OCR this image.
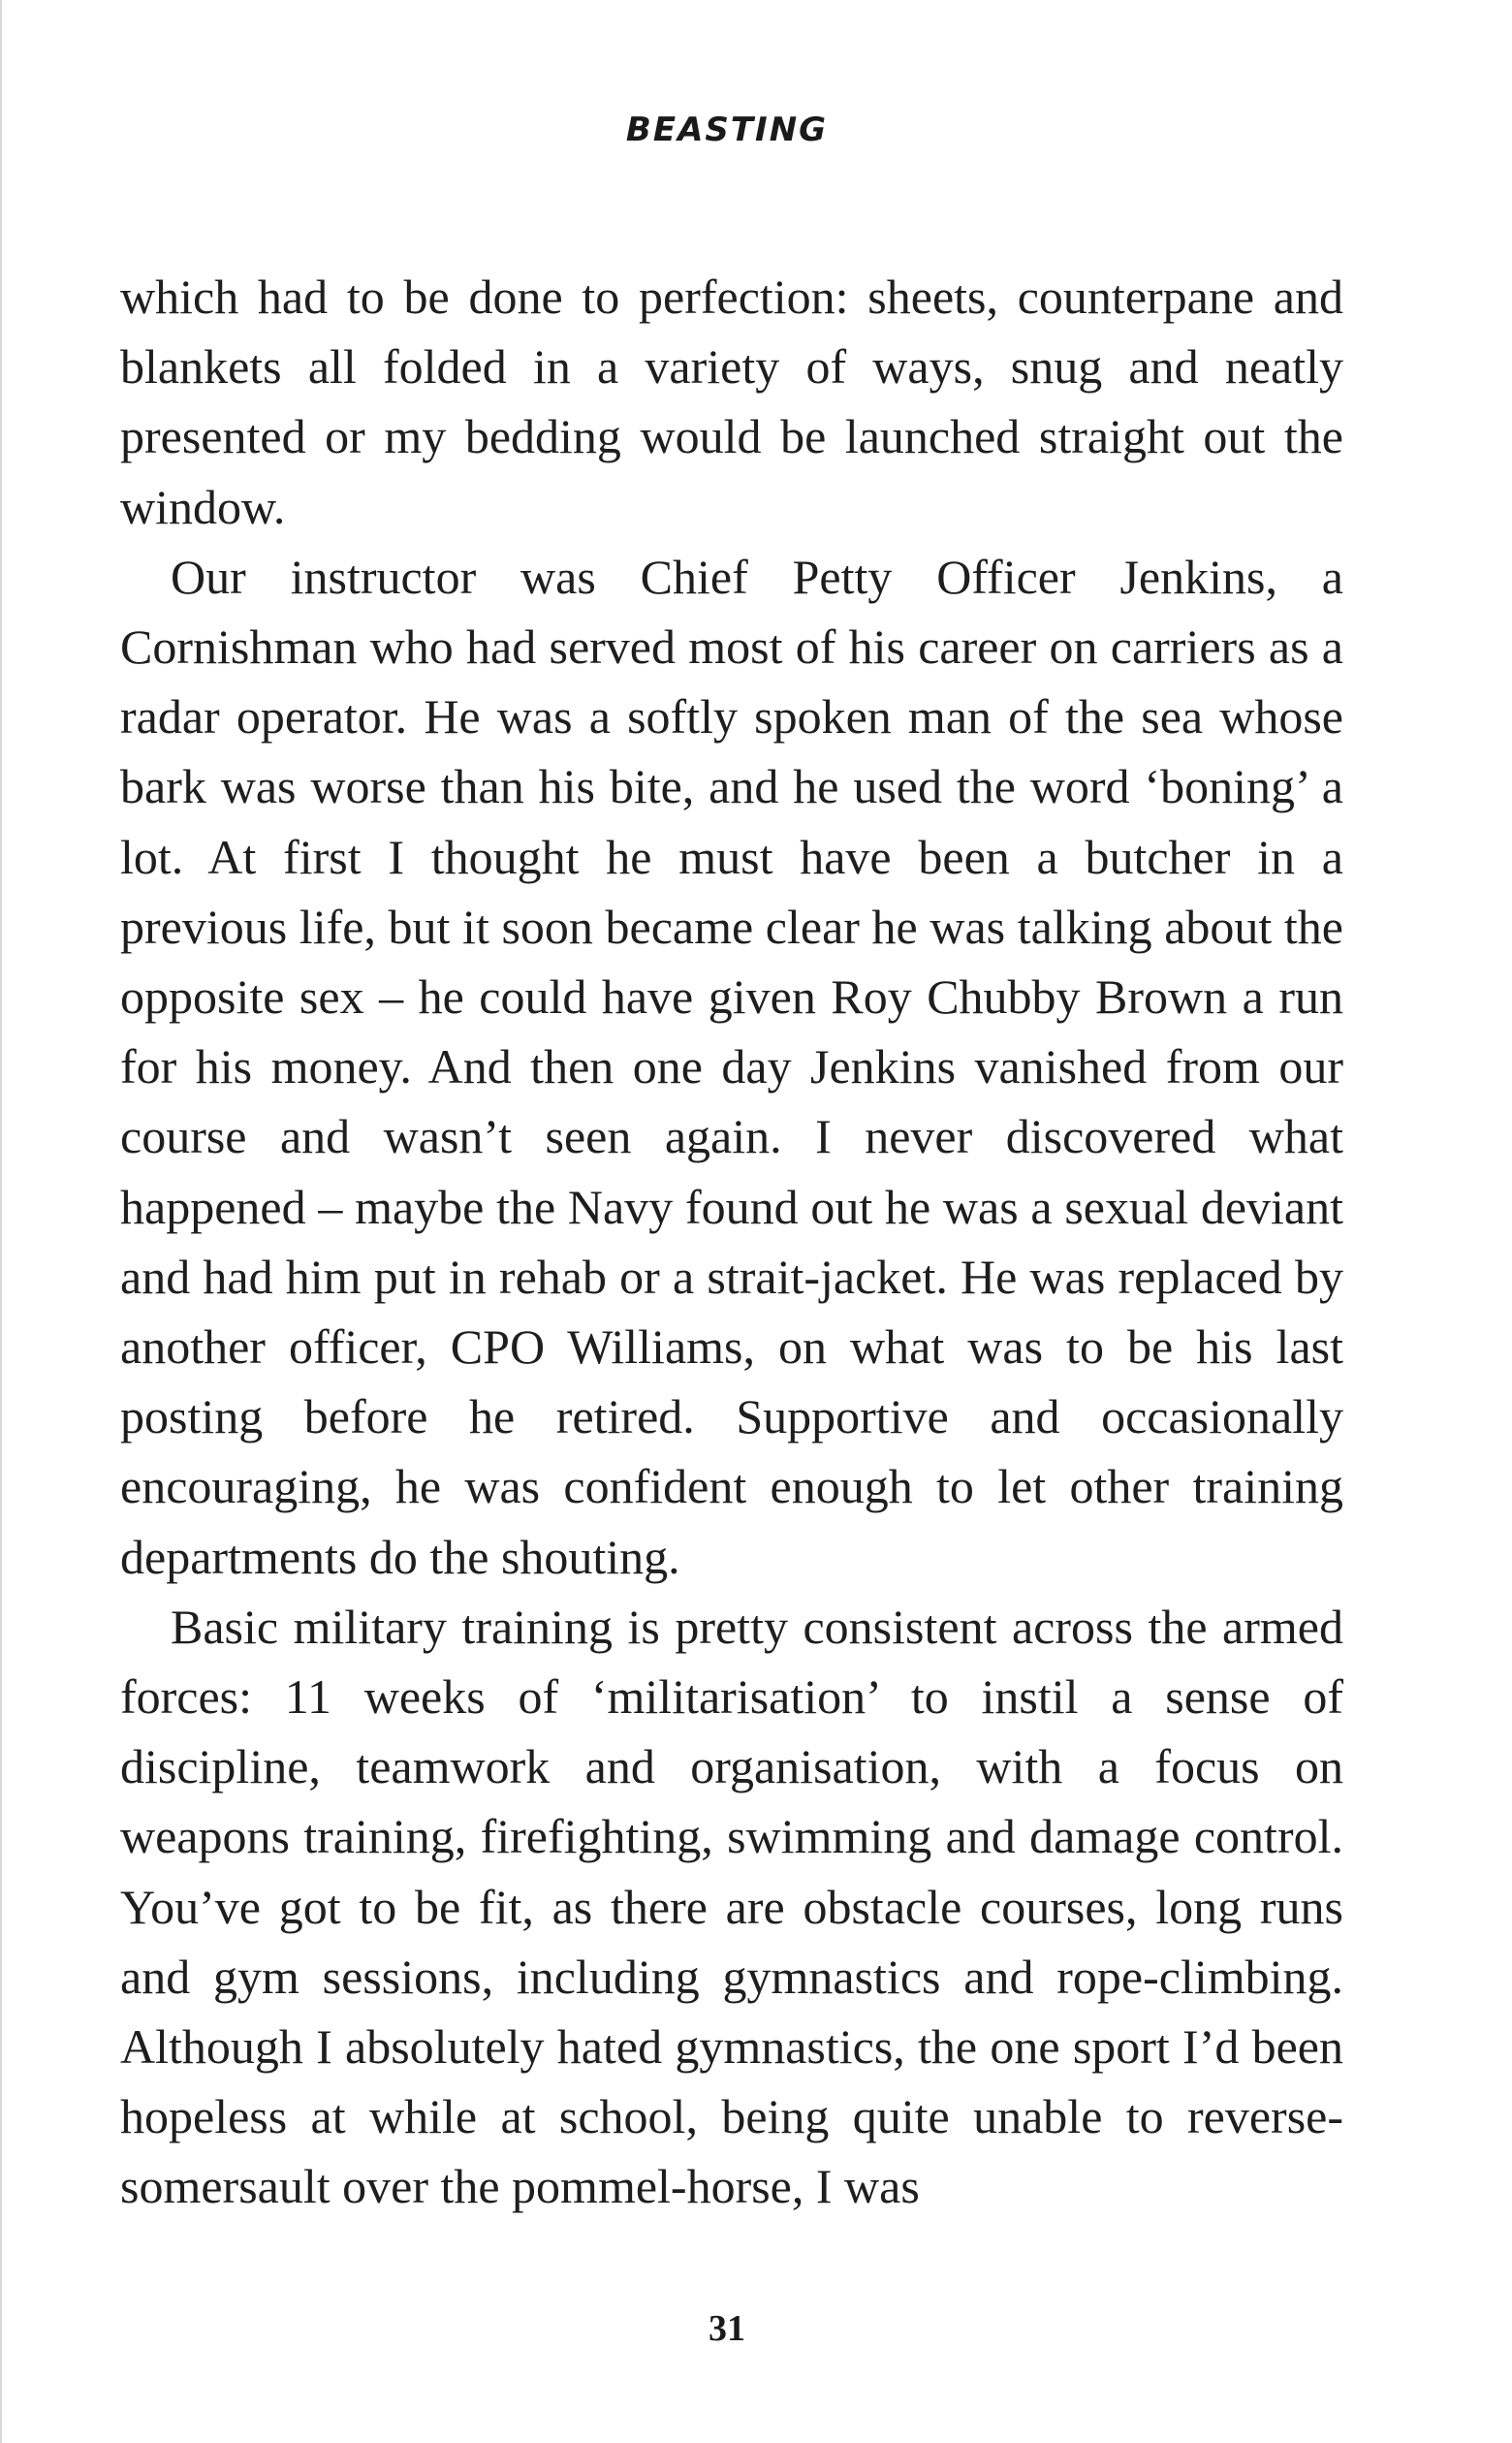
BEASTING

which had to be done to perfection: sheets, counterpane and blankets all folded in a variety of ways, snug and neatly presented or my bedding would be launched straight out the window.

Our instructor was Chief Petty Officer Jenkins, a Cornishman who had served most of his career on carriers as a radar operator. He was a softly spoken man of the sea whose bark was worse than his bite, and he used the word ‘boning’ a lot. At first I thought he must have been a butcher in a previous life, but it soon became clear he was talking about the opposite sex – he could have given Roy Chubby Brown a run for his money. And then one day Jenkins vanished from our course and wasn’t seen again. I never discovered what happened – maybe the Navy found out he was a sexual deviant and had him put in rehab or a strait-jacket. He was replaced by another officer, CPO Williams, on what was to be his last posting before he retired. Supportive and occasionally encouraging, he was confident enough to let other training departments do the shouting.

Basic military training is pretty consistent across the armed forces: 11 weeks of ‘militarisation’ to instil a sense of discipline, teamwork and organisation, with a focus on weapons training, firefighting, swimming and damage control. You’ve got to be fit, as there are obstacle courses, long runs and gym sessions, including gymnastics and rope-climbing. Although I absolutely hated gymnastics, the one sport I’d been hopeless at while at school, being quite unable to reverse-somersault over the pommel-horse, I was

31
